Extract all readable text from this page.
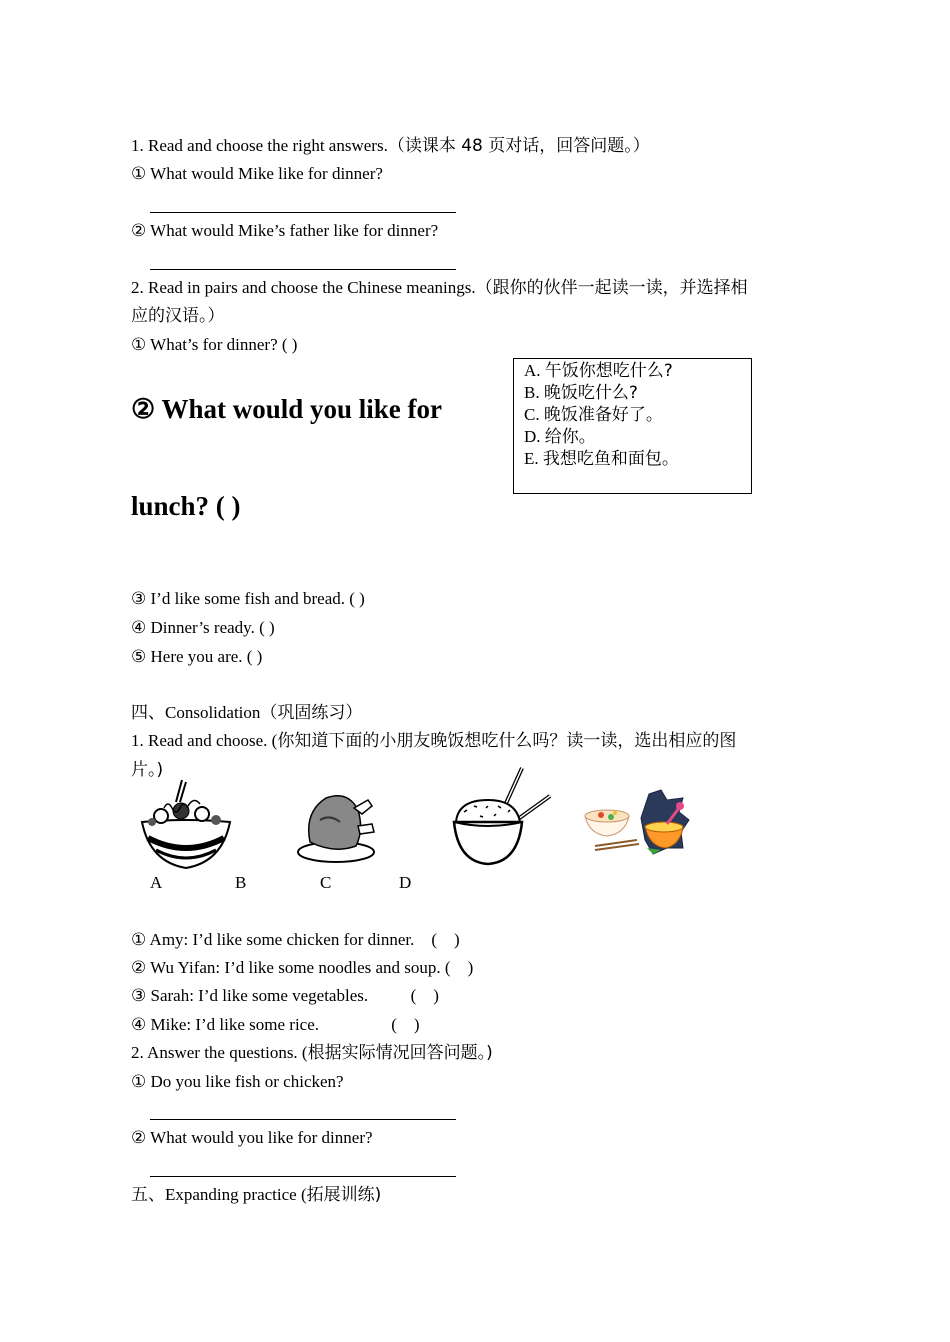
1. Read and choose the right answers.（读课本 48 页对话，回答问题。）
① What would Mike like for dinner?
② What would Mike’s father like for dinner?
2. Read in pairs and choose the Chinese meanings.（跟你的伙伴一起读一读，并选择相
应的汉语。）
① What’s for dinner? ( )
② What would you like for
lunch? ( )
A. 午饭你想吃什么?
B. 晚饭吃什么?
C. 晚饭准备好了。
D. 给你。
E. 我想吃鱼和面包。
③ I’d like some fish and bread. ( )
④ Dinner’s ready. ( )
⑤ Here you are. ( )
四、Consolidation（巩固练习）
1. Read and choose. (你知道下面的小朋友晚饭想吃什么吗？读一读，选出相应的图
片。)
A	B	C	D
① Amy: I’d like some chicken for dinner.    (    )
② Wu Yifan: I’d like some noodles and soup. (    )
③ Sarah: I’d like some vegetables.          (    )
④ Mike: I’d like some rice.                 (    )
2. Answer the questions. (根据实际情况回答问题。)
① Do you like fish or chicken?
② What would you like for dinner?
五、Expanding practice (拓展训练)
